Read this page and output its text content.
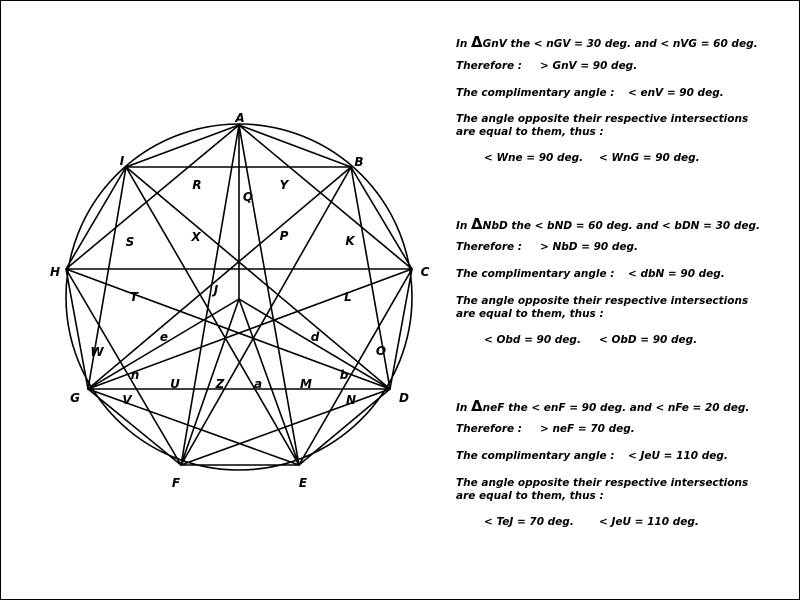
A
B
C
D
E
F
G
H
I
J
K
L
M
N
O
P
Q
R
S
T
U
V
W
X
Y
Z a
b
d
e
n
In ΔGnV the < nGV = 30 deg. and < nVG = 60 deg.
Therefore : > GnV = 90 deg.
The complimentary angle : < enV = 90 deg.
The angle opposite their respective intersections are equal to them, thus :
< Wne = 90 deg. < WnG = 90 deg.
In ΔNbD the < bND = 60 deg. and < bDN = 30 deg.
Therefore : > NbD = 90 deg.
The complimentary angle : < dbN = 90 deg.
The angle opposite their respective intersections are equal to them, thus :
< Obd = 90 deg. < ObD = 90 deg.
In ΔneF the < enF = 90 deg. and < nFe = 20 deg.
Therefore : > neF = 70 deg.
The complimentary angle : < JeU = 110 deg.
The angle opposite their respective intersections are equal to them, thus :
< TeJ = 70 deg. < JeU = 110 deg.
